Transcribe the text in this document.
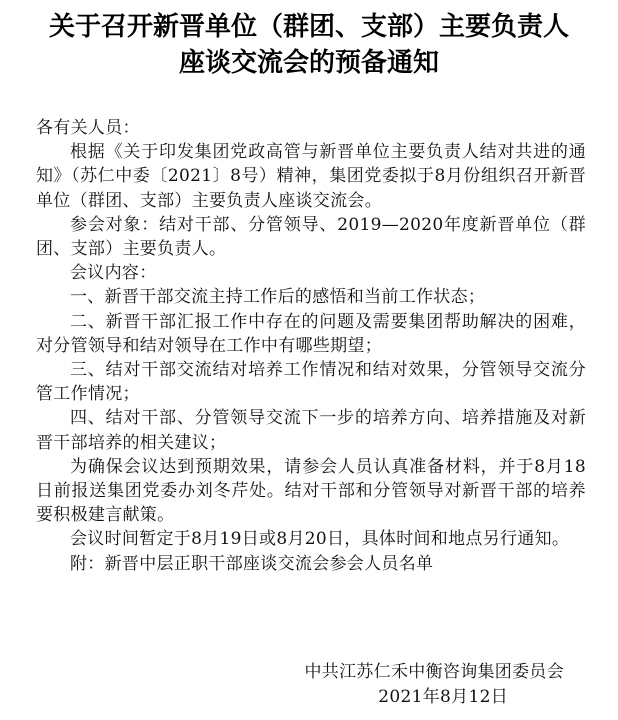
关于召开新晋单位（群团、支部）主要负责人
座谈交流会的预备通知

各有关人员：

根据《关于印发集团党政高管与新晋单位主要负责人结对共进的通知》（苏仁中委〔2021〕8号）精神，集团党委拟于8月份组织召开新晋单位（群团、支部）主要负责人座谈交流会。

参会对象：结对干部、分管领导、2019—2020年度新晋单位（群团、支部）主要负责人。

会议内容：

一、新晋干部交流主持工作后的感悟和当前工作状态；

二、新晋干部汇报工作中存在的问题及需要集团帮助解决的困难，对分管领导和结对领导在工作中有哪些期望；

三、结对干部交流结对培养工作情况和结对效果，分管领导交流分管工作情况；

四、结对干部、分管领导交流下一步的培养方向、培养措施及对新晋干部培养的相关建议；

为确保会议达到预期效果，请参会人员认真准备材料，并于8月18日前报送集团党委办刘冬芹处。结对干部和分管领导对新晋干部的培养要积极建言献策。

会议时间暂定于8月19日或8月20日，具体时间和地点另行通知。

附：新晋中层正职干部座谈交流会参会人员名单

中共江苏仁禾中衡咨询集团委员会
2021年8月12日
